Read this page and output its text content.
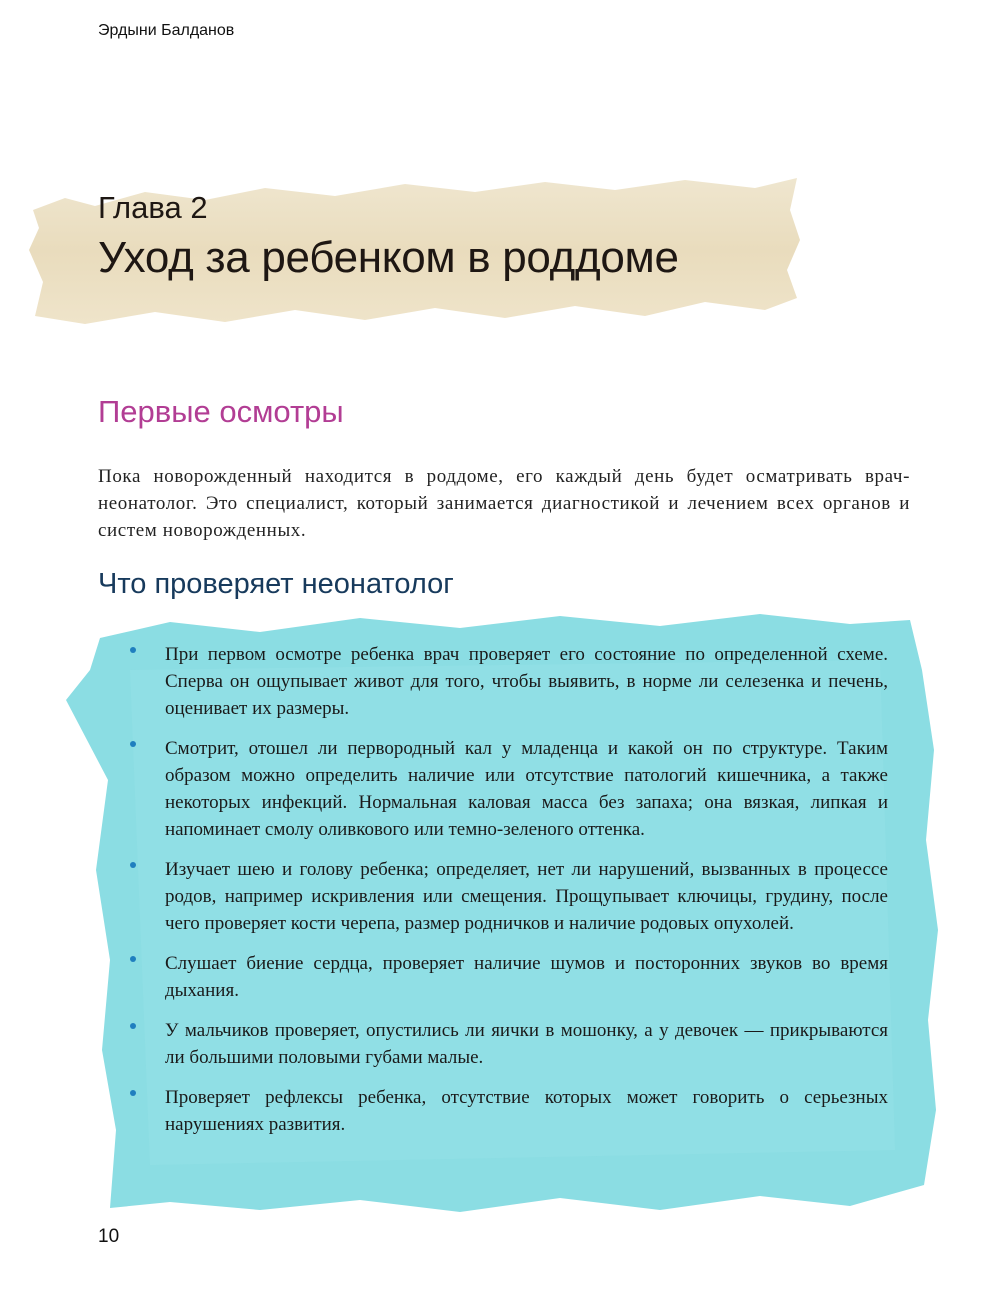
Эрдыни Балданов
Глава 2
Уход за ребенком в роддоме
Первые осмотры
Пока новорожденный находится в роддоме, его каждый день будет осматривать врач-неонатолог. Это специалист, который занимается диагностикой и лечением всех органов и систем новорожденных.
Что проверяет неонатолог
При первом осмотре ребенка врач проверяет его состояние по определенной схеме. Сперва он ощупывает живот для того, чтобы выявить, в норме ли селезенка и печень, оценивает их размеры.
Смотрит, отошел ли первородный кал у младенца и какой он по структуре. Таким образом можно определить наличие или отсутствие патологий кишечника, а также некоторых инфекций. Нормальная каловая масса без запаха; она вязкая, липкая и напоминает смолу оливкового или темно-зеленого оттенка.
Изучает шею и голову ребенка; определяет, нет ли нарушений, вызванных в процессе родов, например искривления или смещения. Прощупывает ключицы, грудину, после чего проверяет кости черепа, размер родничков и наличие родовых опухолей.
Слушает биение сердца, проверяет наличие шумов и посторонних звуков во время дыхания.
У мальчиков проверяет, опустились ли яички в мошонку, а у девочек — прикрываются ли большими половыми губами малые.
Проверяет рефлексы ребенка, отсутствие которых может говорить о серьезных нарушениях развития.
10
